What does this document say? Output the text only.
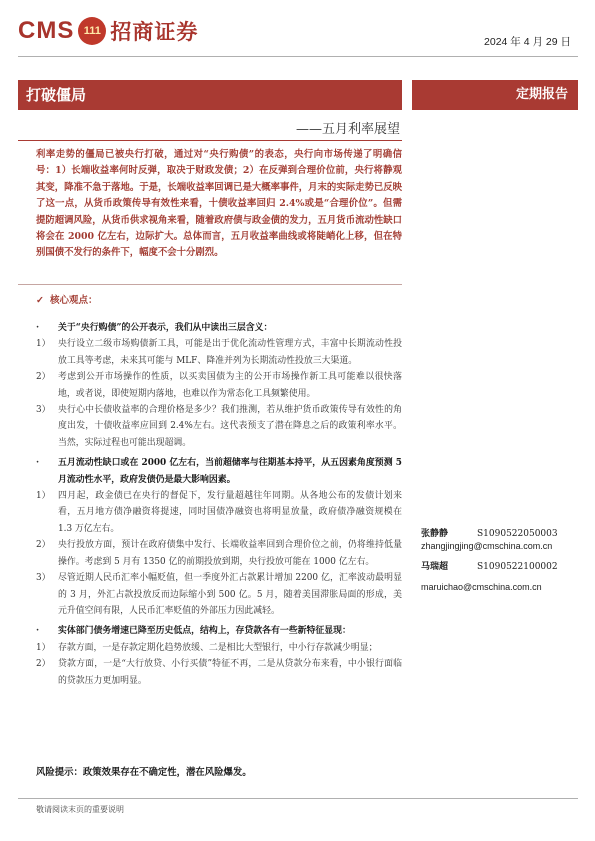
CMS 111 招商证券	2024 年 4 月 29 日
打破僵局	定期报告
——五月利率展望
利率走势的僵局已被央行打破，通过对“央行购债”的表态，央行向市场传递了明确信号：1）长端收益率何时反弹，取决于财政发债；2）在反弹到合理价位前，央行将静观其变，降准不急于落地。于是，长端收益率回调已是大概率事件，月末的实际走势已反映了这一点，从货币政策传导有效性来看，十债收益率回归 2.4%或是“合理价位”。但需提防超调风险，从货币供求视角来看，随着政府债与政金债的发力，五月货币流动性缺口将会在 2000 亿左右，边际扩大。总体而言，五月收益率曲线或将陡峭化上移，但在特别国债不发行的条件下，幅度不会十分剧烈。
✓ 核心观点：
·	关于“央行购债”的公开表示，我们从中读出三层含义：
1） 央行设立二级市场购债新工具，可能是出于优化流动性管理方式，丰富中长期流动性投放工具等考虑，未来其可能与 MLF、降准并列为长期流动性投放三大渠道。
2） 考虑到公开市场操作的性质，以买卖国债为主的公开市场操作新工具可能难以很快落地，或者说，即使短期内落地，也难以作为常态化工具频繁使用。
3） 央行心中长债收益率的合理价格是多少？我们推测，若从维护货币政策传导有效性的角度出发，十债收益率应回到 2.4%左右。这代表预支了潜在降息之后的政策利率水平。当然，实际过程也可能出现超调。
·	五月流动性缺口或在 2000 亿左右，当前超储率与往期基本持平，从五因素角度预测 5 月流动性水平，政府发债仍是最大影响因素。
1） 四月起，政金债已在央行的督促下，发行量超越往年同期。从各地公布的发债计划来看，五月地方债净融资将提速，同时国债净融资也将明显放量，政府债净融资规模在 1.3 万亿左右。
2） 央行投放方面，预计在政府债集中发行、长端收益率回到合理价位之前，仍将维持低量操作。考虑到 5 月有 1350 亿的前期投放到期，央行投放可能在 1000 亿左右。
3） 尽管近期人民币汇率小幅贬值，但一季度外汇占款累计增加 2200 亿，汇率波动最明显的 3 月，外汇占款投放反而边际缩小到 500 亿。5 月，随着美国滞胀局面的形成，美元升值空间有限，人民币汇率贬值的外部压力因此减轻。
·	实体部门债务增速已降至历史低点，结构上，存贷款各有一些新特征显现：
1） 存款方面，一是存款定期化趋势放缓、二是相比大型银行，中小行存款减少明显；
2） 贷款方面，一是“大行放贷、小行买债”特征不再，二是从贷款分布来看，中小银行面临的贷款压力更加明显。
张静静	S1090522050003
zhangjingjing@cmschina.com.cn
马瑞超	S1090522100002
maruichao@cmschina.com.cn
风险提示：政策效果存在不确定性，潜在风险爆发。
敬请阅读末页的重要说明
